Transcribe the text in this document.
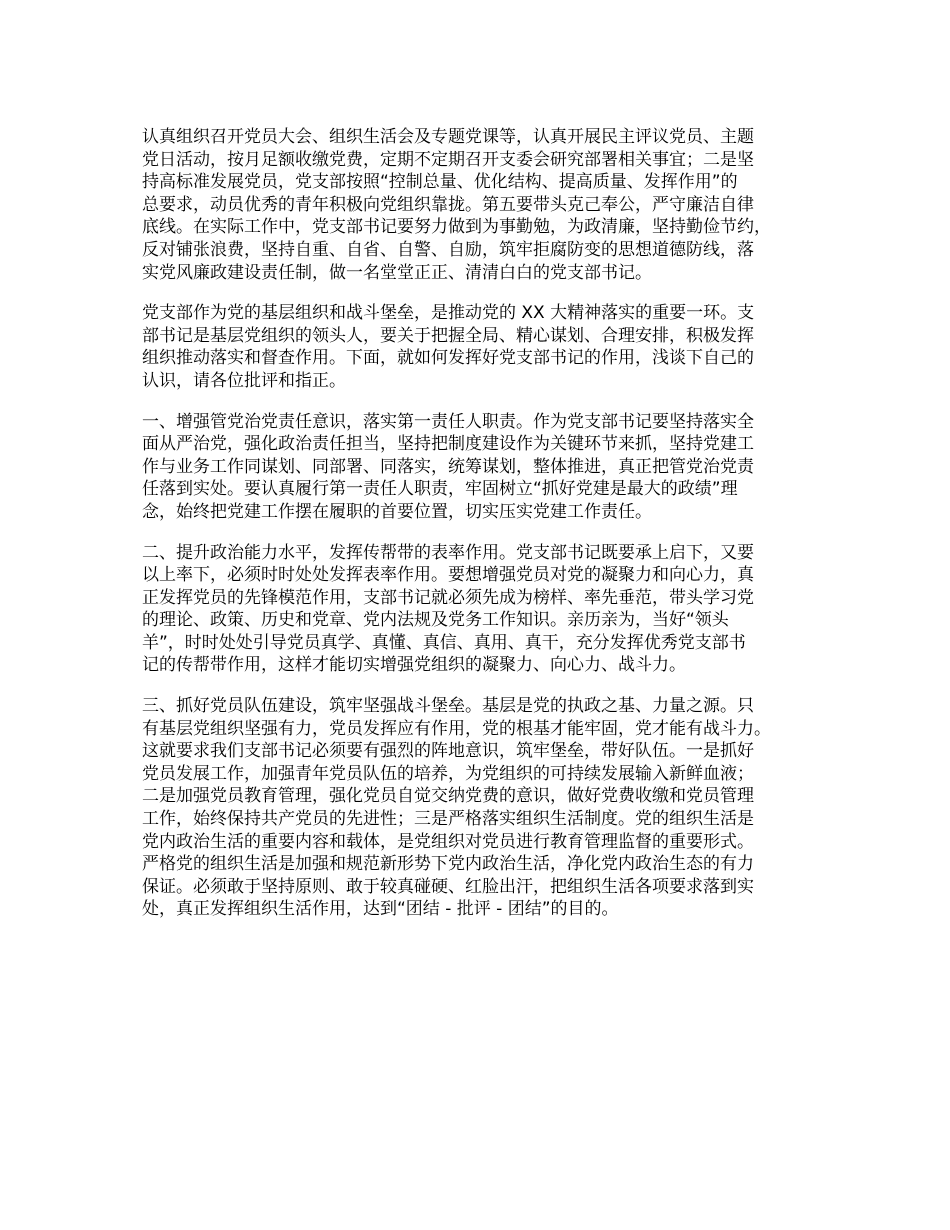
认真组织召开党员大会、组织生活会及专题党课等，认真开展民主评议党员、主题
党日活动，按月足额收缴党费，定期不定期召开支委会研究部署相关事宜；二是坚
持高标准发展党员，党支部按照“控制总量、优化结构、提高质量、发挥作用”的
总要求，动员优秀的青年积极向党组织靠拢。第五要带头克己奉公，严守廉洁自律
底线。在实际工作中，党支部书记要努力做到为事勤勉，为政清廉，坚持勤俭节约，
反对铺张浪费，坚持自重、自省、自警、自励，筑牢拒腐防变的思想道德防线，落
实党风廉政建设责任制，做一名堂堂正正、清清白白的党支部书记。

党支部作为党的基层组织和战斗堡垒，是推动党的 XX 大精神落实的重要一环。支
部书记是基层党组织的领头人，要关于把握全局、精心谋划、合理安排，积极发挥
组织推动落实和督查作用。下面，就如何发挥好党支部书记的作用，浅谈下自己的
认识，请各位批评和指正。

一、增强管党治党责任意识，落实第一责任人职责。作为党支部书记要坚持落实全
面从严治党，强化政治责任担当，坚持把制度建设作为关键环节来抓，坚持党建工
作与业务工作同谋划、同部署、同落实，统筹谋划，整体推进，真正把管党治党责
任落到实处。要认真履行第一责任人职责，牢固树立“抓好党建是最大的政绩”理
念，始终把党建工作摆在履职的首要位置，切实压实党建工作责任。

二、提升政治能力水平，发挥传帮带的表率作用。党支部书记既要承上启下，又要
以上率下，必须时时处处发挥表率作用。要想增强党员对党的凝聚力和向心力，真
正发挥党员的先锋模范作用，支部书记就必须先成为榜样、率先垂范，带头学习党
的理论、政策、历史和党章、党内法规及党务工作知识。亲历亲为，当好“领头
羊”，时时处处引导党员真学、真懂、真信、真用、真干，充分发挥优秀党支部书
记的传帮带作用，这样才能切实增强党组织的凝聚力、向心力、战斗力。

三、抓好党员队伍建设，筑牢坚强战斗堡垒。基层是党的执政之基、力量之源。只
有基层党组织坚强有力，党员发挥应有作用，党的根基才能牢固，党才能有战斗力。
这就要求我们支部书记必须要有强烈的阵地意识，筑牢堡垒，带好队伍。一是抓好
党员发展工作，加强青年党员队伍的培养，为党组织的可持续发展输入新鲜血液；
二是加强党员教育管理，强化党员自觉交纳党费的意识，做好党费收缴和党员管理
工作，始终保持共产党员的先进性；三是严格落实组织生活制度。党的组织生活是
党内政治生活的重要内容和载体，是党组织对党员进行教育管理监督的重要形式。
严格党的组织生活是加强和规范新形势下党内政治生活，净化党内政治生态的有力
保证。必须敢于坚持原则、敢于较真碰硬、红脸出汗，把组织生活各项要求落到实
处，真正发挥组织生活作用，达到“团结 - 批评 - 团结”的目的。
